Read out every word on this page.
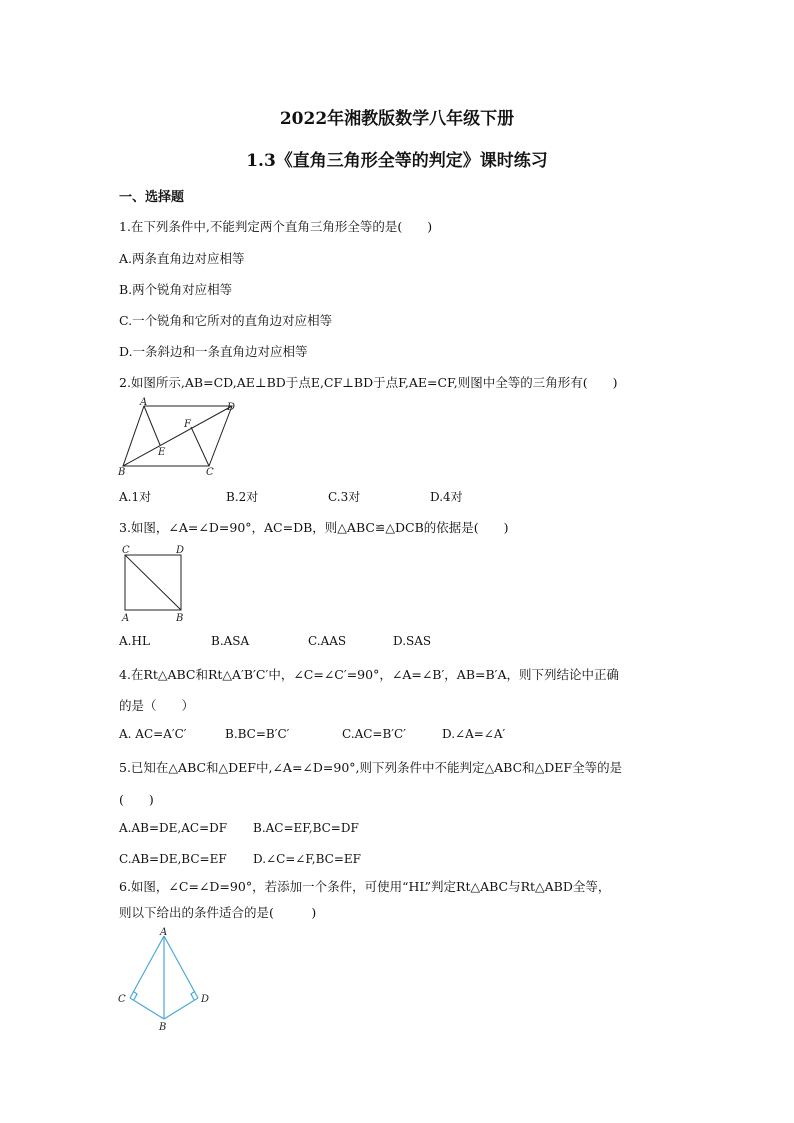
2022年湘教版数学八年级下册
1.3《直角三角形全等的判定》课时练习
一、选择题
1.在下列条件中,不能判定两个直角三角形全等的是(　　)
A.两条直角边对应相等
B.两个锐角对应相等
C.一个锐角和它所对的直角边对应相等
D.一条斜边和一条直角边对应相等
2.如图所示,AB=CD,AE⊥BD于点E,CF⊥BD于点F,AE=CF,则图中全等的三角形有(　　)
A	D
F
E
B	C
A.1对	B.2对	C.3对	D.4对
3.如图，∠A=∠D=90°，AC=DB，则△ABC≌△DCB的依据是(　　)
C	D
A	B
A.HL	B.ASA	C.AAS	D.SAS
4.在Rt△ABC和Rt△A′B′C′中，∠C=∠C′=90°，∠A=∠B′，AB=B′A，则下列结论中正确
的是（　　）
A. AC=A′C′	B.BC=B′C′	C.AC=B′C′	D.∠A=∠A′
5.已知在△ABC和△DEF中,∠A=∠D=90°,则下列条件中不能判定△ABC和△DEF全等的是
(　　)
A.AB=DE,AC=DF B.AC=EF,BC=DF
C.AB=DE,BC=EF D.∠C=∠F,BC=EF
6.如图，∠C=∠D=90°，若添加一个条件，可使用“HL”判定Rt△ABC与Rt△ABD全等，
则以下给出的条件适合的是(　　　)
A
C	D
B
